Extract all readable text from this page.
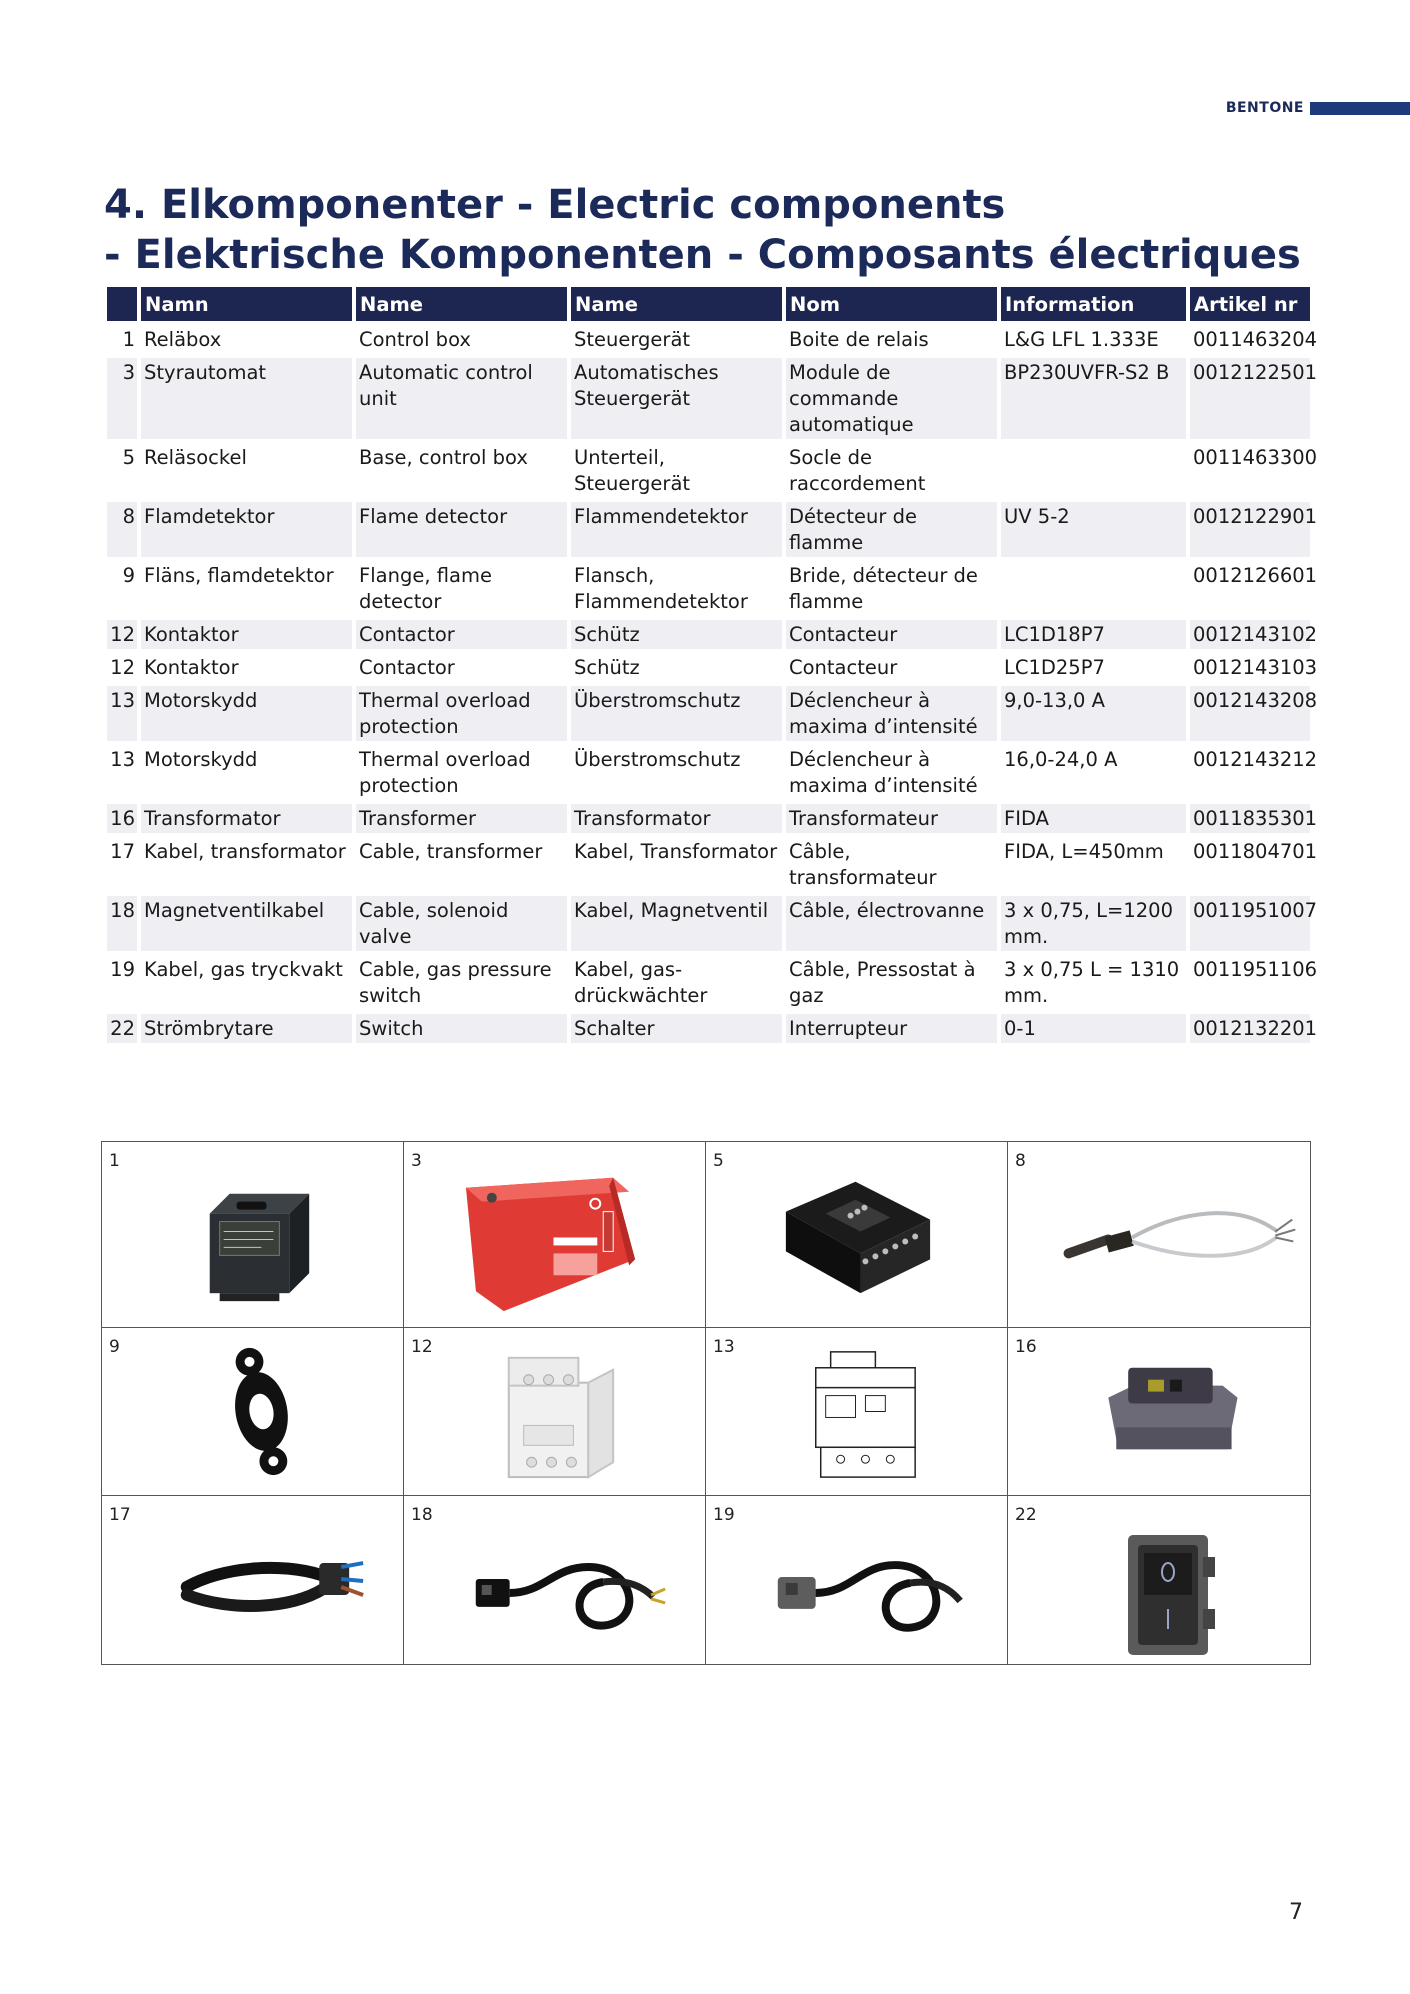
BENTONE
4. Elkomponenter - Electric components
- Elektrische Komponenten - Composants électriques
	Namn	Name	Name	Nom	Information	Artikel nr
1	Reläbox	Control box	Steuergerät	Boite de relais	L&G LFL 1.333E	0011463204
3	Styrautomat	Automatic control unit	Automatisches Steuergerät	Module de commande automatique	BP230UVFR-S2 B	0012122501
5	Reläsockel	Base, control box	Unterteil, Steuergerät	Socle de raccordement		0011463300
8	Flamdetektor	Flame detector	Flammendetektor	Détecteur de flamme	UV 5-2	0012122901
9	Fläns, flamdetektor	Flange, flame detector	Flansch, Flammendetektor	Bride, détecteur de flamme		0012126601
12	Kontaktor	Contactor	Schütz	Contacteur	LC1D18P7	0012143102
12	Kontaktor	Contactor	Schütz	Contacteur	LC1D25P7	0012143103
13	Motorskydd	Thermal overload protection	Überstromschutz	Déclencheur à maxima d’intensité	9,0-13,0 A	0012143208
13	Motorskydd	Thermal overload protection	Überstromschutz	Déclencheur à maxima d’intensité	16,0-24,0 A	0012143212
16	Transformator	Transformer	Transformator	Transformateur	FIDA	0011835301
17	Kabel, transformator	Cable, transformer	Kabel, Transformator	Câble, transformateur	FIDA, L=450mm	0011804701
18	Magnetventilkabel	Cable, solenoid valve	Kabel, Magnetventil	Câble, électrovanne	3 x 0,75, L=1200 mm.	0011951007
19	Kabel, gas tryckvakt	Cable, gas pressure switch	Kabel, gas-drückwächter	Câble, Pressostat à gaz	3 x 0,75 L = 1310 mm.	0011951106
22	Strömbrytare	Switch	Schalter	Interrupteur	0-1	0012132201
1	3	5	8
9	12	13	16
17	18	19	22
7
